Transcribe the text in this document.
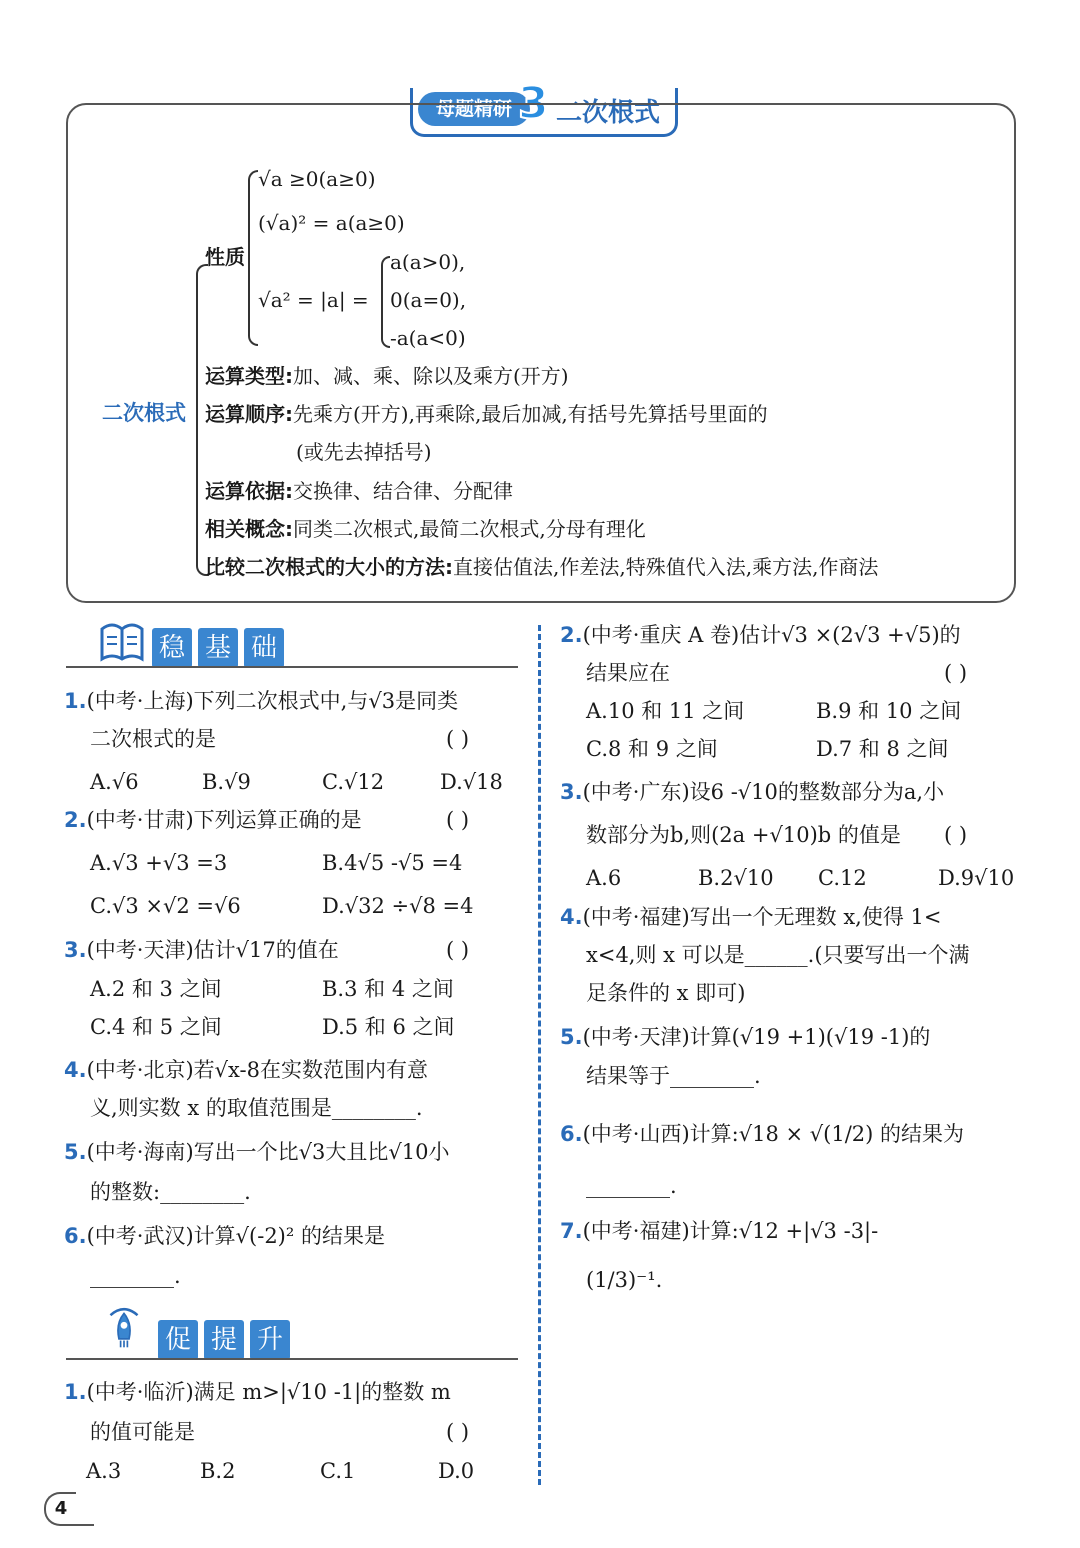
母题精研 3 二次根式
二次根式
性质
√a ≥0(a≥0)
(√a)² = a(a≥0)
√a² = |a| =
a(a>0),
0(a=0),
-a(a<0)
运算类型:加、减、乘、除以及乘方(开方)
运算顺序:先乘方(开方),再乘除,最后加减,有括号先算括号里面的
(或先去掉括号)
运算依据:交换律、结合律、分配律
相关概念:同类二次根式,最简二次根式,分母有理化
比较二次根式的大小的方法:直接估值法,作差法,特殊值代入法,乘方法,作商法
稳 基 础
1.(中考·上海)下列二次根式中,与√3是同类
二次根式的是	( )
A.√6	B.√9	C.√12	D.√18
2.(中考·甘肃)下列运算正确的是	( )
A.√3 +√3 =3	B.4√5 -√5 =4
C.√3 ×√2 =√6	D.√32 ÷√8 =4
3.(中考·天津)估计√17的值在	( )
A.2 和 3 之间	B.3 和 4 之间
C.4 和 5 之间	D.5 和 6 之间
4.(中考·北京)若√x-8在实数范围内有意
义,则实数 x 的取值范围是________.
5.(中考·海南)写出一个比√3大且比√10小
的整数:________.
6.(中考·武汉)计算√(-2)² 的结果是
________.
促 提 升
1.(中考·临沂)满足 m>|√10 -1|的整数 m
的值可能是	( )
A.3	B.2	C.1	D.0
2.(中考·重庆 A 卷)估计√3 ×(2√3 +√5)的
结果应在	( )
A.10 和 11 之间	B.9 和 10 之间
C.8 和 9 之间	D.7 和 8 之间
3.(中考·广东)设6 -√10的整数部分为a,小
数部分为b,则(2a +√10)b 的值是 ( )
A.6	B.2√10 C.12	D.9√10
4.(中考·福建)写出一个无理数 x,使得 1<
x<4,则 x 可以是______.(只要写出一个满
足条件的 x 即可)
5.(中考·天津)计算(√19 +1)(√19 -1)的
结果等于________.
6.(中考·山西)计算:√18 × √(1/2) 的结果为
________.
7.(中考·福建)计算:√12 +|√3 -3|-
(1/3)⁻¹.
4
